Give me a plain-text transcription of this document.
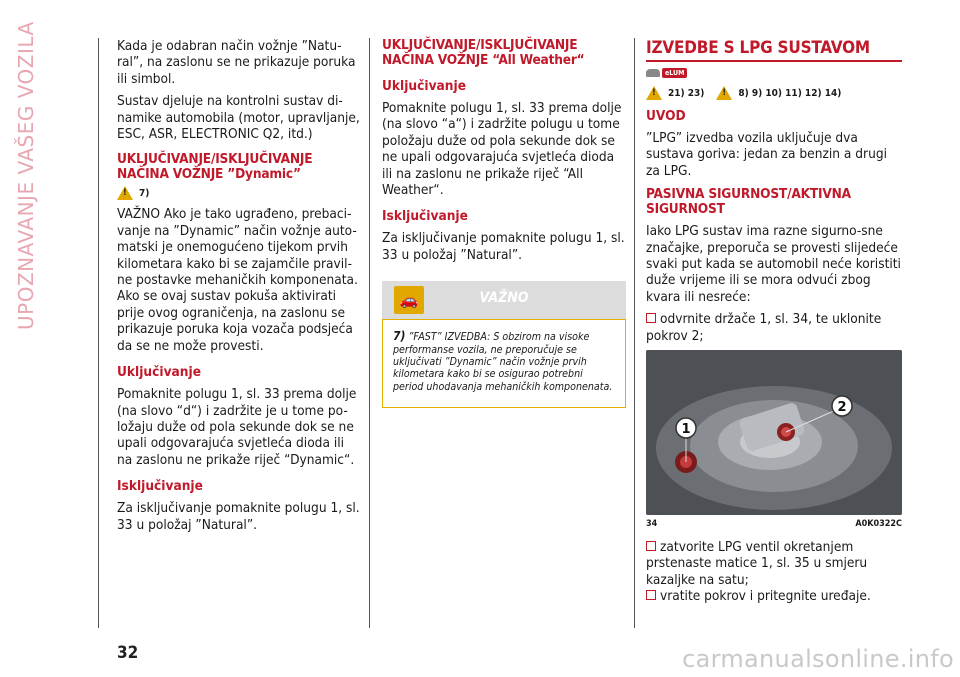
UPOZNAVANJE VAŠEG VOZILA	Kada je odabran način vožnje ”Natu-ral”, na zaslonu se ne prikazuje poruka ili simbol.

Sustav djeluje na kontrolni sustav di-namike automobila (motor, upravljanje, ESC, ASR, ELECTRONIC Q2, itd.)

UKLJUČIVANJE/ISKLJUČIVANJE NAČINA VOŽNJE ”Dynamic”
!
7)

VAŽNO Ako je tako ugrađeno, prebaci-vanje na ”Dynamic” način vožnje auto-matski je onemogućeno tijekom prvih kilometara kako bi se zajamčile pravil-ne postavke mehaničkih komponenata. Ako se ovaj sustav pokuša aktivirati prije ovog ograničenja, na zaslonu se prikazuje poruka koja vozača podsjeća da se ne može provesti.

Uključivanje

Pomaknite polugu 1, sl. 33 prema dolje (na slovo “d“) i zadržite je u tome po-ložaju duže od pola sekunde dok se ne upali odgovarajuća svjetleća dioda ili na zaslonu ne prikaže riječ “Dynamic“.

Isključivanje

Za isključivanje pomaknite polugu 1, sl. 33 u položaj ”Natural”.

UKLJUČIVANJE/ISKLJUČIVANJE NAČINA VOŽNJE “All Weather“
Uključivanje

Pomaknite polugu 1, sl. 33 prema dolje (na slovo “a“) i zadržite polugu u tome položaju duže od pola sekunde dok se ne upali odgovarajuća svjetleća dioda ili na zaslonu ne prikaže riječ “All Weather“.

Isključivanje

Za isključivanje pomaknite polugu 1, sl. 33 u položaj ”Natural”.

🚗	VAŽNO
7) ”FAST” IZVEDBA: S obzirom na visoke performanse vozila, ne preporučuje se uključivati ”Dynamic” način vožnje prvih kilometara kako bi se osigurao potrebni period uhodavanja mehaničkih komponenata.
IZVEDBE S LPG SUSTAVOM
eLUM
!
21) 23)
!	8) 9) 10) 11) 12) 14)
UVOD

”LPG” izvedba vozila uključuje dva sustava goriva: jedan za benzin a drugi za LPG.

PASIVNA SIGURNOST/AKTIVNA SIGURNOST

Iako LPG sustav ima razne sigurno-sne značajke, preporuča se provesti slijedeće svaki put kada se automobil neće koristiti duže vrijeme ili se mora odvući zbog kvara ili nesreće:

odvrnite držače 1, sl. 34, te uklonite pokrov 2;

1
2
34	A0K0322C

zatvorite LPG ventil okretanjem prstenaste matice 1, sl. 35 u smjeru kazaljke na satu;

vratite pokrov i pritegnite uređaje.

32	carmanualsonline.info
